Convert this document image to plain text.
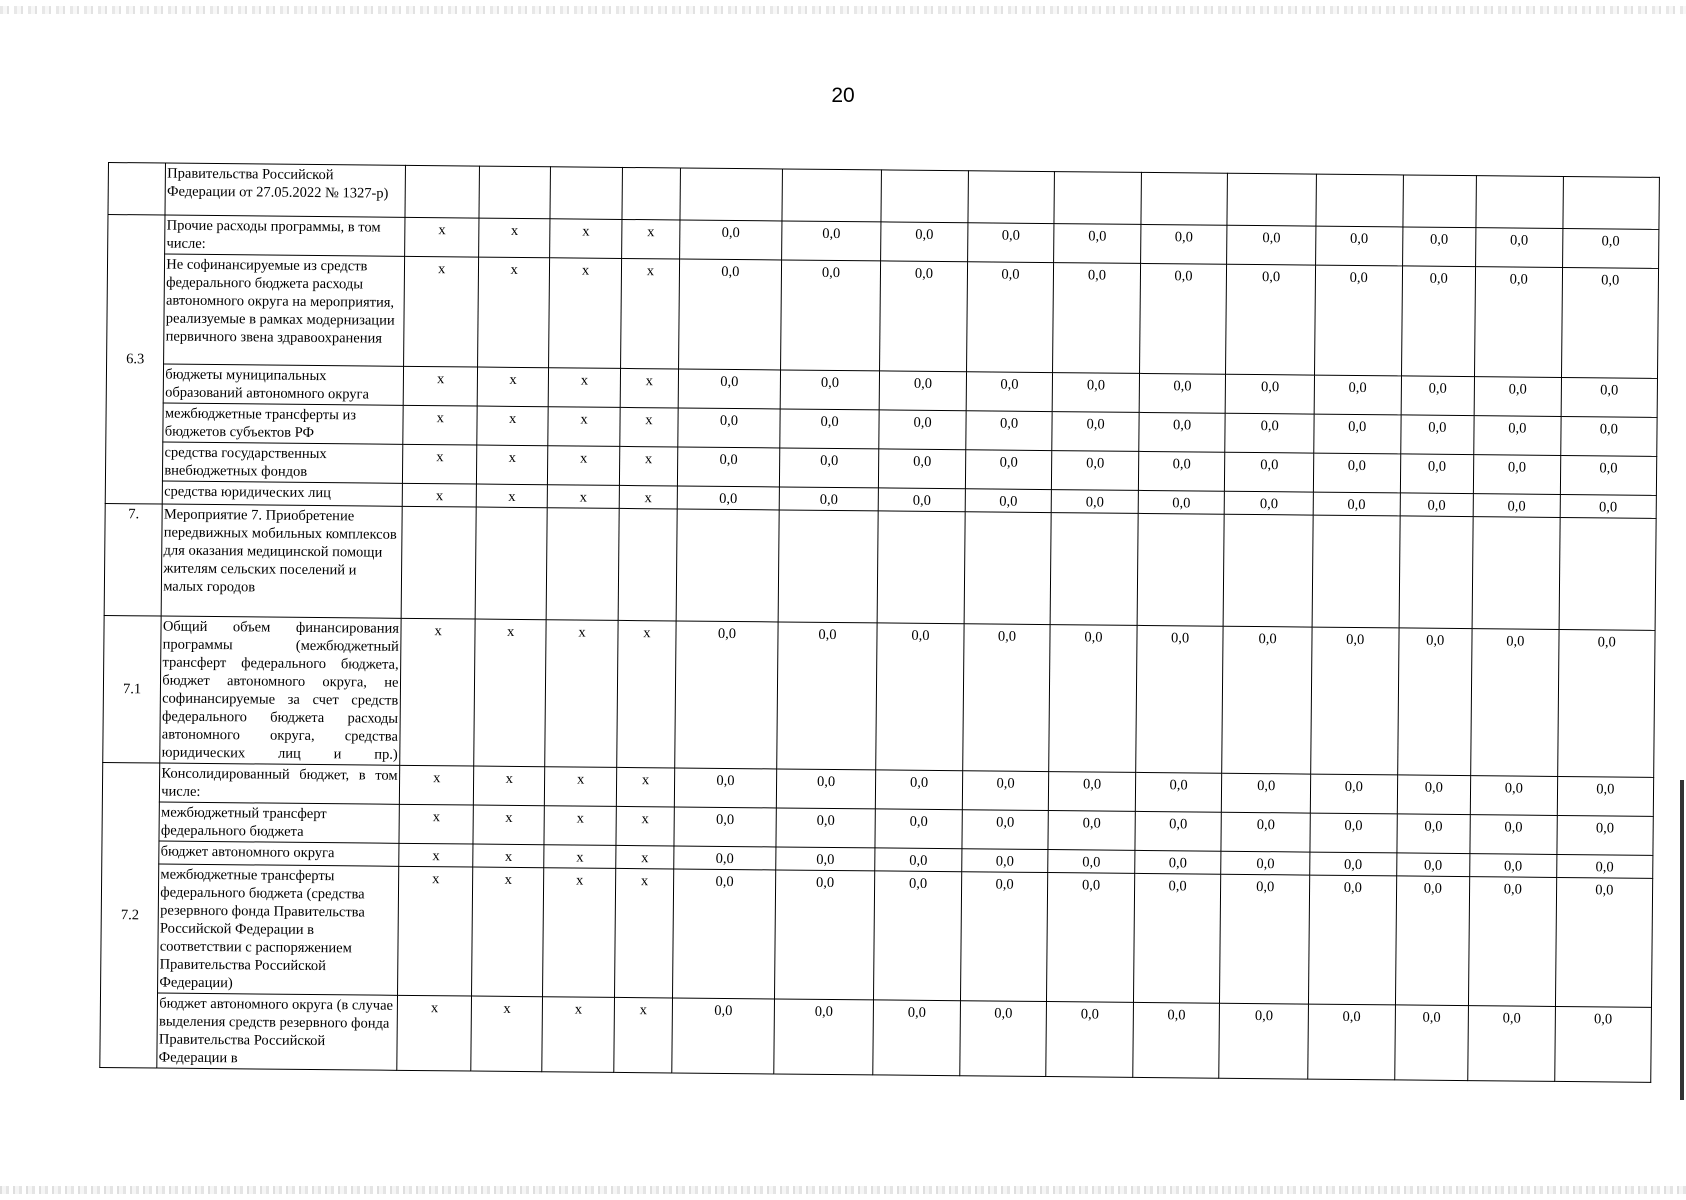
20
	Правительства Российской Федерации от 27.05.2022 № 1327-р)															
6.3	Прочие расходы программы, в том числе:	x	x	x	x	0,0	0,0	0,0	0,0	0,0	0,0	0,0	0,0	0,0	0,0	0,0
	Не софинансируемые из средств федерального бюджета расходы автономного округа на мероприятия, реализуемые в рамках модернизации первичного звена здравоохранения	x	x	x	x	0,0	0,0	0,0	0,0	0,0	0,0	0,0	0,0	0,0	0,0	0,0
	бюджеты муниципальных образований автономного округа	x	x	x	x	0,0	0,0	0,0	0,0	0,0	0,0	0,0	0,0	0,0	0,0	0,0
	межбюджетные трансферты из бюджетов субъектов РФ	x	x	x	x	0,0	0,0	0,0	0,0	0,0	0,0	0,0	0,0	0,0	0,0	0,0
	средства государственных внебюджетных фондов	x	x	x	x	0,0	0,0	0,0	0,0	0,0	0,0	0,0	0,0	0,0	0,0	0,0
	средства юридических лиц	x	x	x	x	0,0	0,0	0,0	0,0	0,0	0,0	0,0	0,0	0,0	0,0	0,0
7.	Мероприятие 7. Приобретение передвижных мобильных комплексов для оказания медицинской помощи жителям сельских поселений и малых городов															
7.1	Общий объем финансирования программы (межбюджетный трансферт федерального бюджета, бюджет автономного округа, не софинансируемые за счет средств федерального бюджета расходы автономного округа, средства юридических лиц и пр.)	x	x	x	x	0,0	0,0	0,0	0,0	0,0	0,0	0,0	0,0	0,0	0,0	0,0
7.2	Консолидированный бюджет, в том числе:	x	x	x	x	0,0	0,0	0,0	0,0	0,0	0,0	0,0	0,0	0,0	0,0	0,0
	межбюджетный трансферт федерального бюджета	x	x	x	x	0,0	0,0	0,0	0,0	0,0	0,0	0,0	0,0	0,0	0,0	0,0
	бюджет автономного округа	x	x	x	x	0,0	0,0	0,0	0,0	0,0	0,0	0,0	0,0	0,0	0,0	0,0
	межбюджетные трансферты федерального бюджета (средства резервного фонда Правительства Российской Федерации в соответствии с распоряжением Правительства Российской Федерации)	x	x	x	x	0,0	0,0	0,0	0,0	0,0	0,0	0,0	0,0	0,0	0,0	0,0
	бюджет автономного округа (в случае выделения средств резервного фонда Правительства Российской Федерации в	x	x	x	x	0,0	0,0	0,0	0,0	0,0	0,0	0,0	0,0	0,0	0,0	0,0
